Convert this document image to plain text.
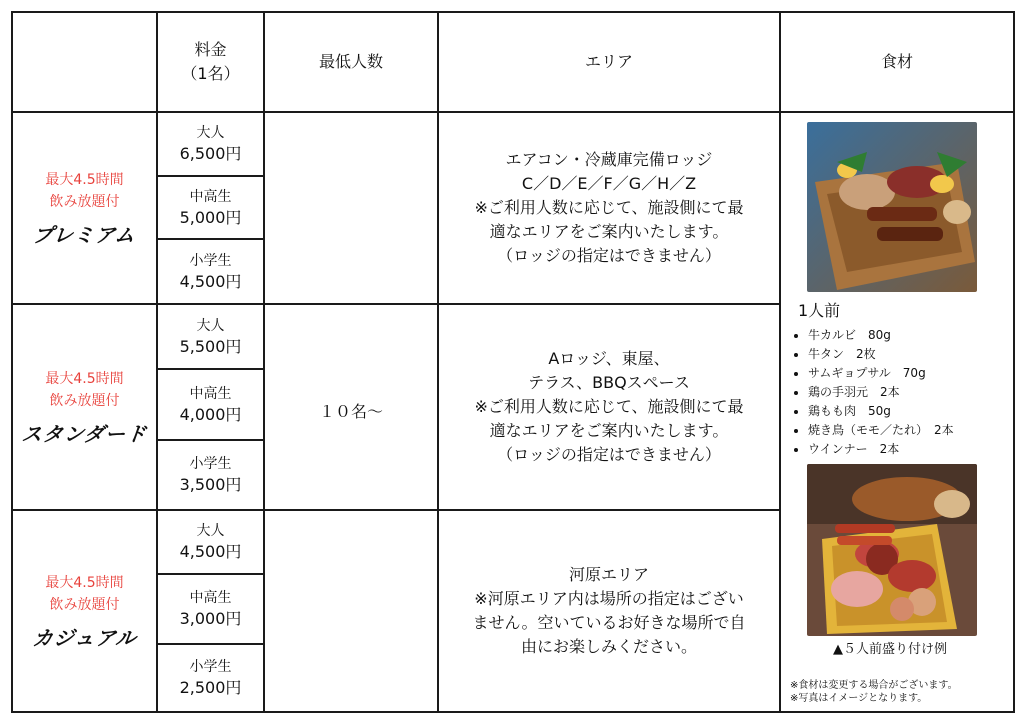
料金
（1名）
最低人数	エリア	食材
最大4.5時間
飲み放題付
プレミアム
最大4.5時間
飲み放題付
スタンダード
最大4.5時間
飲み放題付
カジュアル
大人
6,500円
中高生
5,000円
小学生
4,500円
大人
5,500円
中高生
4,000円
小学生
3,500円
大人
4,500円
中高生
3,000円
小学生
2,500円
１０名～
エアコン・冷蔵庫完備ロッジ
C／D／E／F／G／H／Z
※ご利用人数に応じて、施設側にて最
適なエリアをご案内いたします。
（ロッジの指定はできません）
Aロッジ、東屋、
テラス、BBQスペース
※ご利用人数に応じて、施設側にて最
適なエリアをご案内いたします。
（ロッジの指定はできません）
河原エリア
※河原エリア内は場所の指定はござい
ません。空いているお好きな場所で自
由にお楽しみください。
1人前
• 牛カルビ　80g
• 牛タン　2枚
• サムギョプサル　70g
• 鶏の手羽元　2本
• 鶏もも肉　50g
• 焼き鳥（モモ／たれ）　2本
• ウインナー　2本
▲５人前盛り付け例
※食材は変更する場合がございます。
※写真はイメージとなります。
